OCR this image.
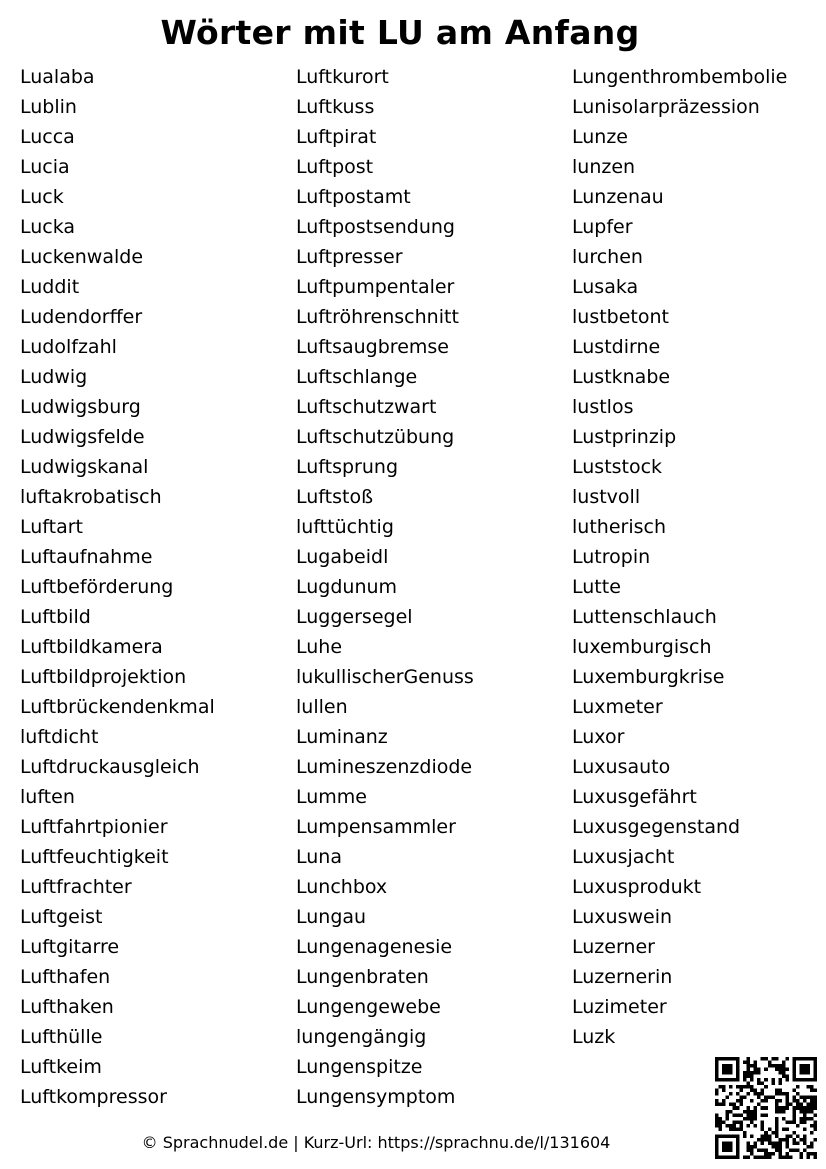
Wörter mit LU am Anfang
Lualaba
Lublin
Lucca
Lucia
Luck
Lucka
Luckenwalde
Luddit
Ludendorffer
Ludolfzahl
Ludwig
Ludwigsburg
Ludwigsfelde
Ludwigskanal
luftakrobatisch
Luftart
Luftaufnahme
Luftbeförderung
Luftbild
Luftbildkamera
Luftbildprojektion
Luftbrückendenkmal
luftdicht
Luftdruckausgleich
luften
Luftfahrtpionier
Luftfeuchtigkeit
Luftfrachter
Luftgeist
Luftgitarre
Lufthafen
Lufthaken
Lufthülle
Luftkeim
Luftkompressor
Luftkurort
Luftkuss
Luftpirat
Luftpost
Luftpostamt
Luftpostsendung
Luftpresser
Luftpumpentaler
Luftröhrenschnitt
Luftsaugbremse
Luftschlange
Luftschutzwart
Luftschutzübung
Luftsprung
Luftstoß
lufttüchtig
Lugabeidl
Lugdunum
Luggersegel
Luhe
lukullischerGenuss
lullen
Luminanz
Lumineszenzdiode
Lumme
Lumpensammler
Luna
Lunchbox
Lungau
Lungenagenesie
Lungenbraten
Lungengewebe
lungengängig
Lungenspitze
Lungensymptom
Lungenthrombembolie
Lunisolarpräzession
Lunze
lunzen
Lunzenau
Lupfer
lurchen
Lusaka
lustbetont
Lustdirne
Lustknabe
lustlos
Lustprinzip
Luststock
lustvoll
lutherisch
Lutropin
Lutte
Luttenschlauch
luxemburgisch
Luxemburgkrise
Luxmeter
Luxor
Luxusauto
Luxusgefährt
Luxusgegenstand
Luxusjacht
Luxusprodukt
Luxuswein
Luzerner
Luzernerin
Luzimeter
Luzk
© Sprachnudel.de | Kurz-Url: https://sprachnu.de/l/131604
